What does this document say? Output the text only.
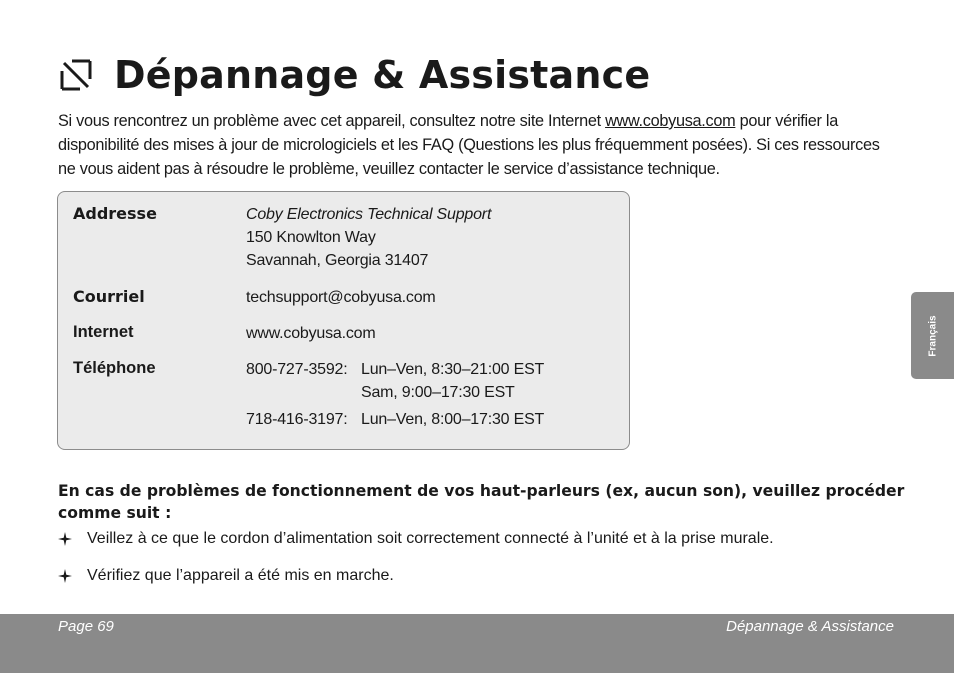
Dépannage & Assistance

Si vous rencontrez un problème avec cet appareil, consultez notre site Internet www.cobyusa.com pour vérifier la disponibilité des mises à jour de micrologiciels et les FAQ (Questions les plus fréquemment posées). Si ces ressources ne vous aident pas à résoudre le problème, veuillez contacter le service d’assistance technique.

Addresse	Coby Electronics Technical Support
150 Knowlton Way
Savannah, Georgia 31407
Courriel	techsupport@cobyusa.com
Internet	www.cobyusa.com
Téléphone	800-727-3592: Lun–Ven, 8:30–21:00 EST
Sam, 9:00–17:30 EST
718-416-3197: Lun–Ven, 8:00–17:30 EST
En cas de problèmes de fonctionnement de vos haut-parleurs (ex, aucun son), veuillez procéder comme suit :
Veillez à ce que le cordon d’alimentation soit correctement connecté à l’unité et à la prise murale.
Vérifiez que l’appareil a été mis en marche.
Français
Page 69	Dépannage & Assistance
